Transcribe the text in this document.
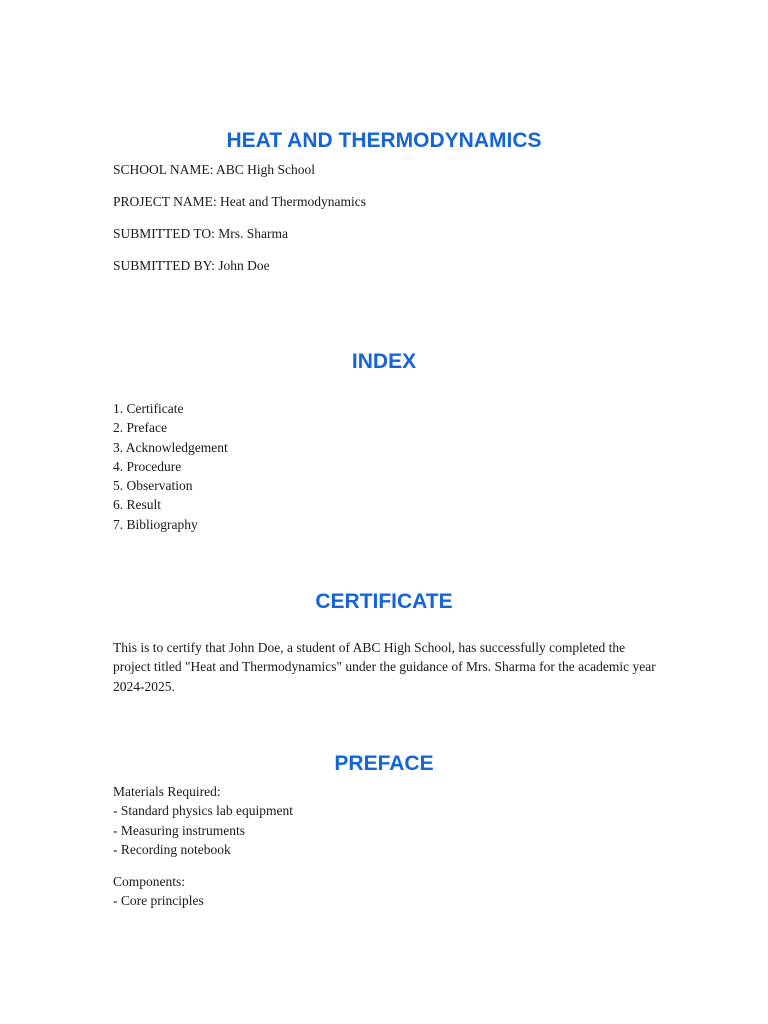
HEAT AND THERMODYNAMICS

SCHOOL NAME: ABC High School

PROJECT NAME: Heat and Thermodynamics

SUBMITTED TO: Mrs. Sharma

SUBMITTED BY: John Doe

INDEX
1. Certificate
2. Preface
3. Acknowledgement
4. Procedure
5. Observation
6. Result
7. Bibliography
CERTIFICATE

This is to certify that John Doe, a student of ABC High School, has successfully completed the project titled "Heat and Thermodynamics" under the guidance of Mrs. Sharma for the academic year 2024-2025.

PREFACE
Materials Required:
- Standard physics lab equipment
- Measuring instruments
- Recording notebook
Components:
- Core principles
